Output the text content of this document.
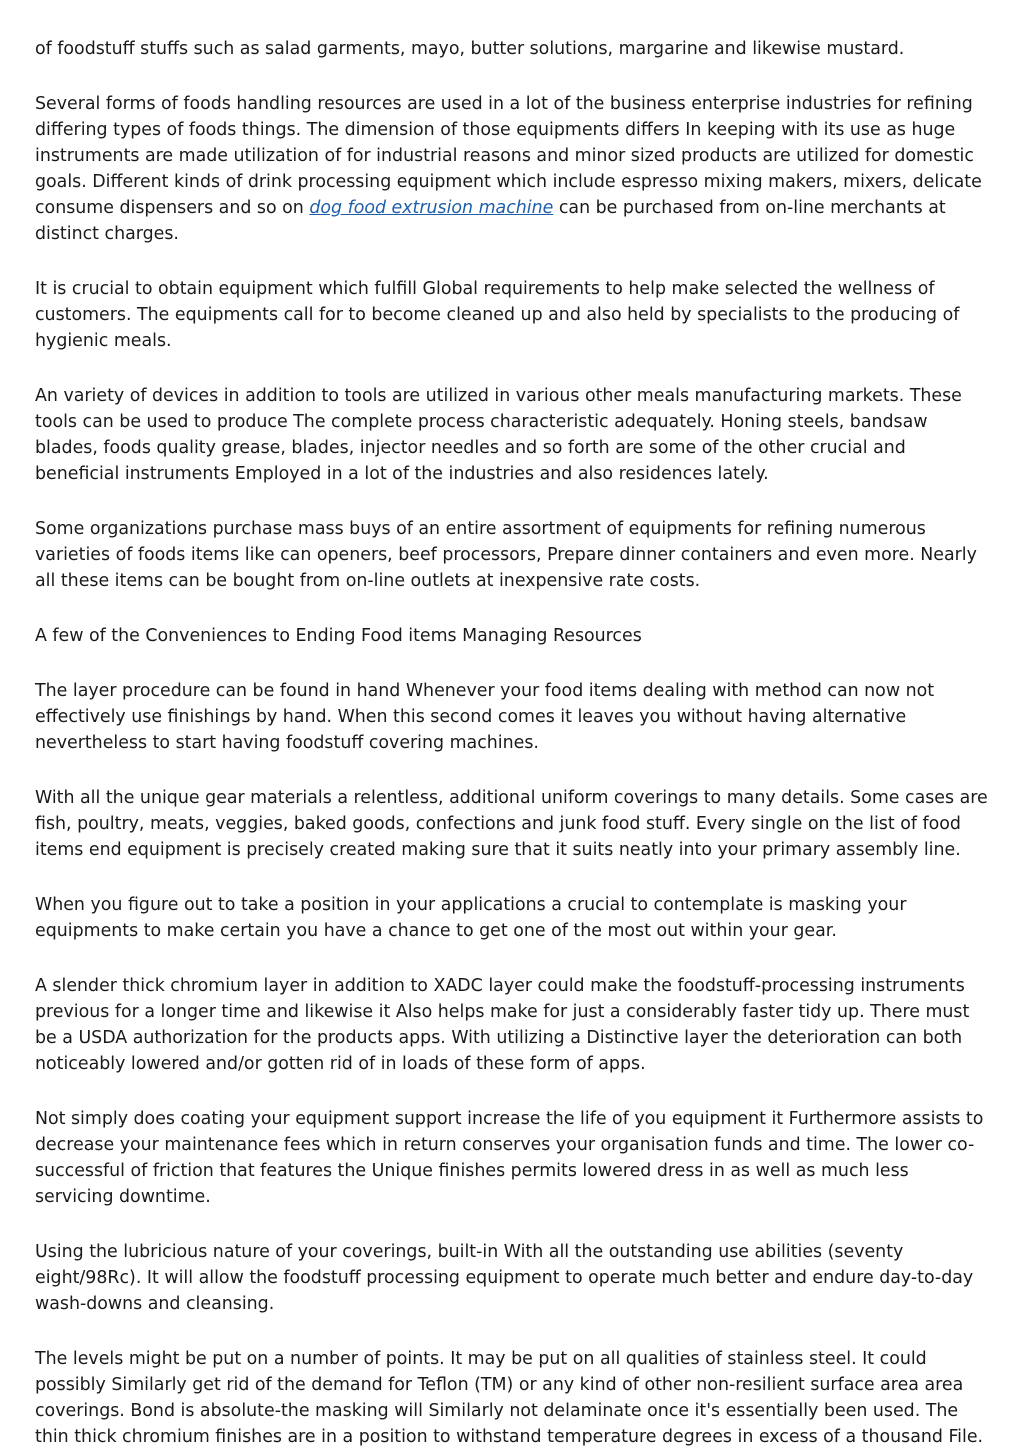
of foodstuff stuffs such as salad garments, mayo, butter solutions, margarine and likewise mustard.

Several forms of foods handling resources are used in a lot of the business enterprise industries for refining differing types of foods things. The dimension of those equipments differs In keeping with its use as huge instruments are made utilization of for industrial reasons and minor sized products are utilized for domestic goals. Different kinds of drink processing equipment which include espresso mixing makers, mixers, delicate consume dispensers and so on dog food extrusion machine can be purchased from on-line merchants at distinct charges.

It is crucial to obtain equipment which fulfill Global requirements to help make selected the wellness of customers. The equipments call for to become cleaned up and also held by specialists to the producing of hygienic meals.

An variety of devices in addition to tools are utilized in various other meals manufacturing markets. These tools can be used to produce The complete process characteristic adequately. Honing steels, bandsaw blades, foods quality grease, blades, injector needles and so forth are some of the other crucial and beneficial instruments Employed in a lot of the industries and also residences lately.

Some organizations purchase mass buys of an entire assortment of equipments for refining numerous varieties of foods items like can openers, beef processors, Prepare dinner containers and even more. Nearly all these items can be bought from on-line outlets at inexpensive rate costs.

A few of the Conveniences to Ending Food items Managing Resources

The layer procedure can be found in hand Whenever your food items dealing with method can now not effectively use finishings by hand. When this second comes it leaves you without having alternative nevertheless to start having foodstuff covering machines.

With all the unique gear materials a relentless, additional uniform coverings to many details. Some cases are fish, poultry, meats, veggies, baked goods, confections and junk food stuff. Every single on the list of food items end equipment is precisely created making sure that it suits neatly into your primary assembly line.

When you figure out to take a position in your applications a crucial to contemplate is masking your equipments to make certain you have a chance to get one of the most out within your gear.

A slender thick chromium layer in addition to XADC layer could make the foodstuff-processing instruments previous for a longer time and likewise it Also helps make for just a considerably faster tidy up. There must be a USDA authorization for the products apps. With utilizing a Distinctive layer the deterioration can both noticeably lowered and/or gotten rid of in loads of these form of apps.

Not simply does coating your equipment support increase the life of you equipment it Furthermore assists to decrease your maintenance fees which in return conserves your organisation funds and time. The lower co-successful of friction that features the Unique finishes permits lowered dress in as well as much less servicing downtime.

Using the lubricious nature of your coverings, built-in With all the outstanding use abilities (seventy eight/98Rc). It will allow the foodstuff processing equipment to operate much better and endure day-to-day wash-downs and cleansing.

The levels might be put on a number of points. It may be put on all qualities of stainless steel. It could possibly Similarly get rid of the demand for Teflon (TM) or any kind of other non-resilient surface area area coverings. Bond is absolute-the masking will Similarly not delaminate once it's essentially been used. The thin thick chromium finishes are in a position to withstand temperature degrees in excess of a thousand File.
